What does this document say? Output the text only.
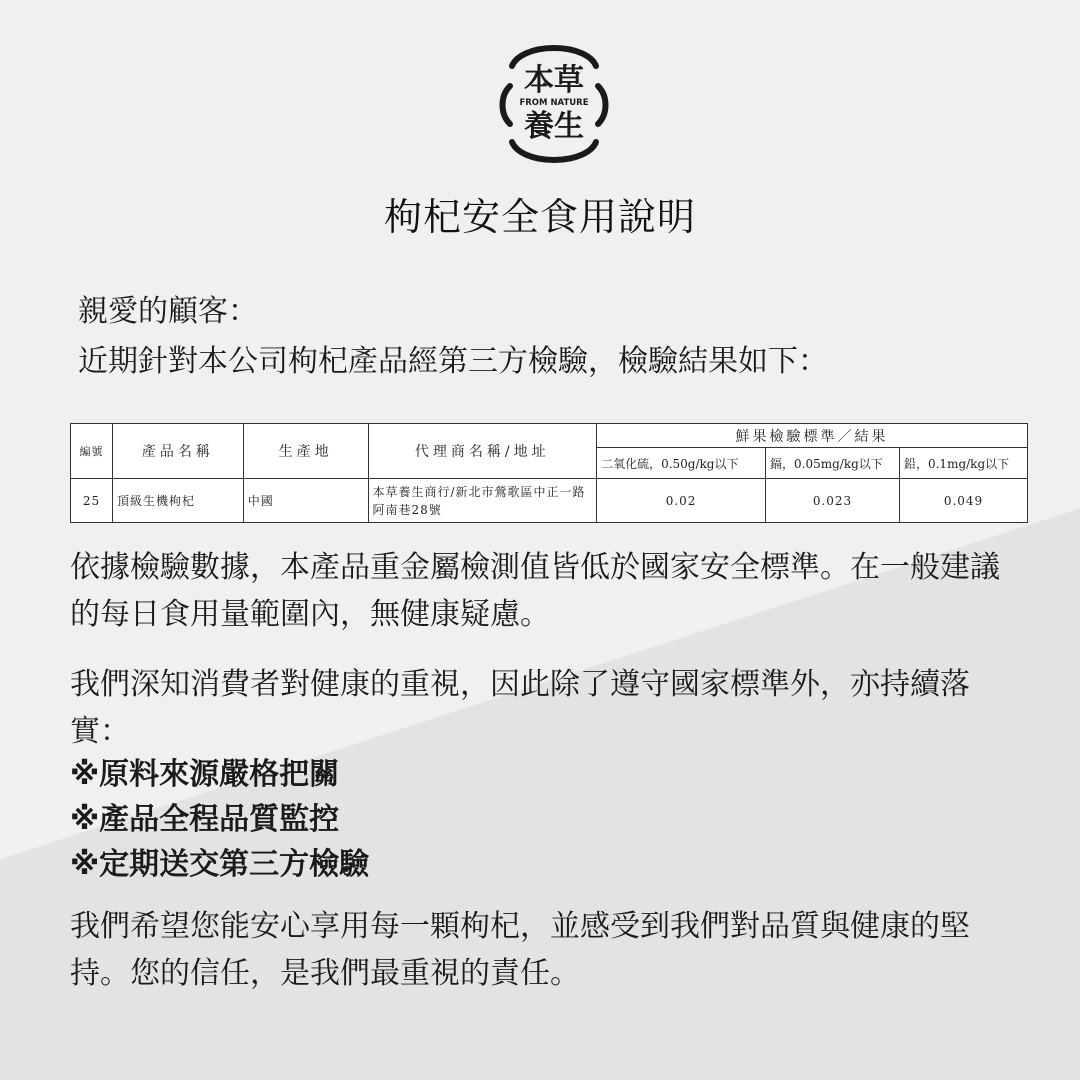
本草
FROM NATURE
養生
枸杞安全食用說明
親愛的顧客：
近期針對本公司枸杞產品經第三方檢驗，檢驗結果如下：
編號	產品名稱	生產地	代理商名稱/地址	鮮果檢驗標準／結果		
				二氧化硫，0.50g/kg以下	鎘，0.05mg/kg以下	鉛，0.1mg/kg以下
25	頂級生機枸杞	中國	本草養生商行/新北市鶯歌區中正一路阿南巷28號	0.02	0.023	0.049

依據檢驗數據，本產品重金屬檢測值皆低於國家安全標準。在一般建議的每日食用量範圍內，無健康疑慮。

我們深知消費者對健康的重視，因此除了遵守國家標準外，亦持續落實：

※原料來源嚴格把關
※產品全程品質監控
※定期送交第三方檢驗

我們希望您能安心享用每一顆枸杞，並感受到我們對品質與健康的堅持。您的信任，是我們最重視的責任。
